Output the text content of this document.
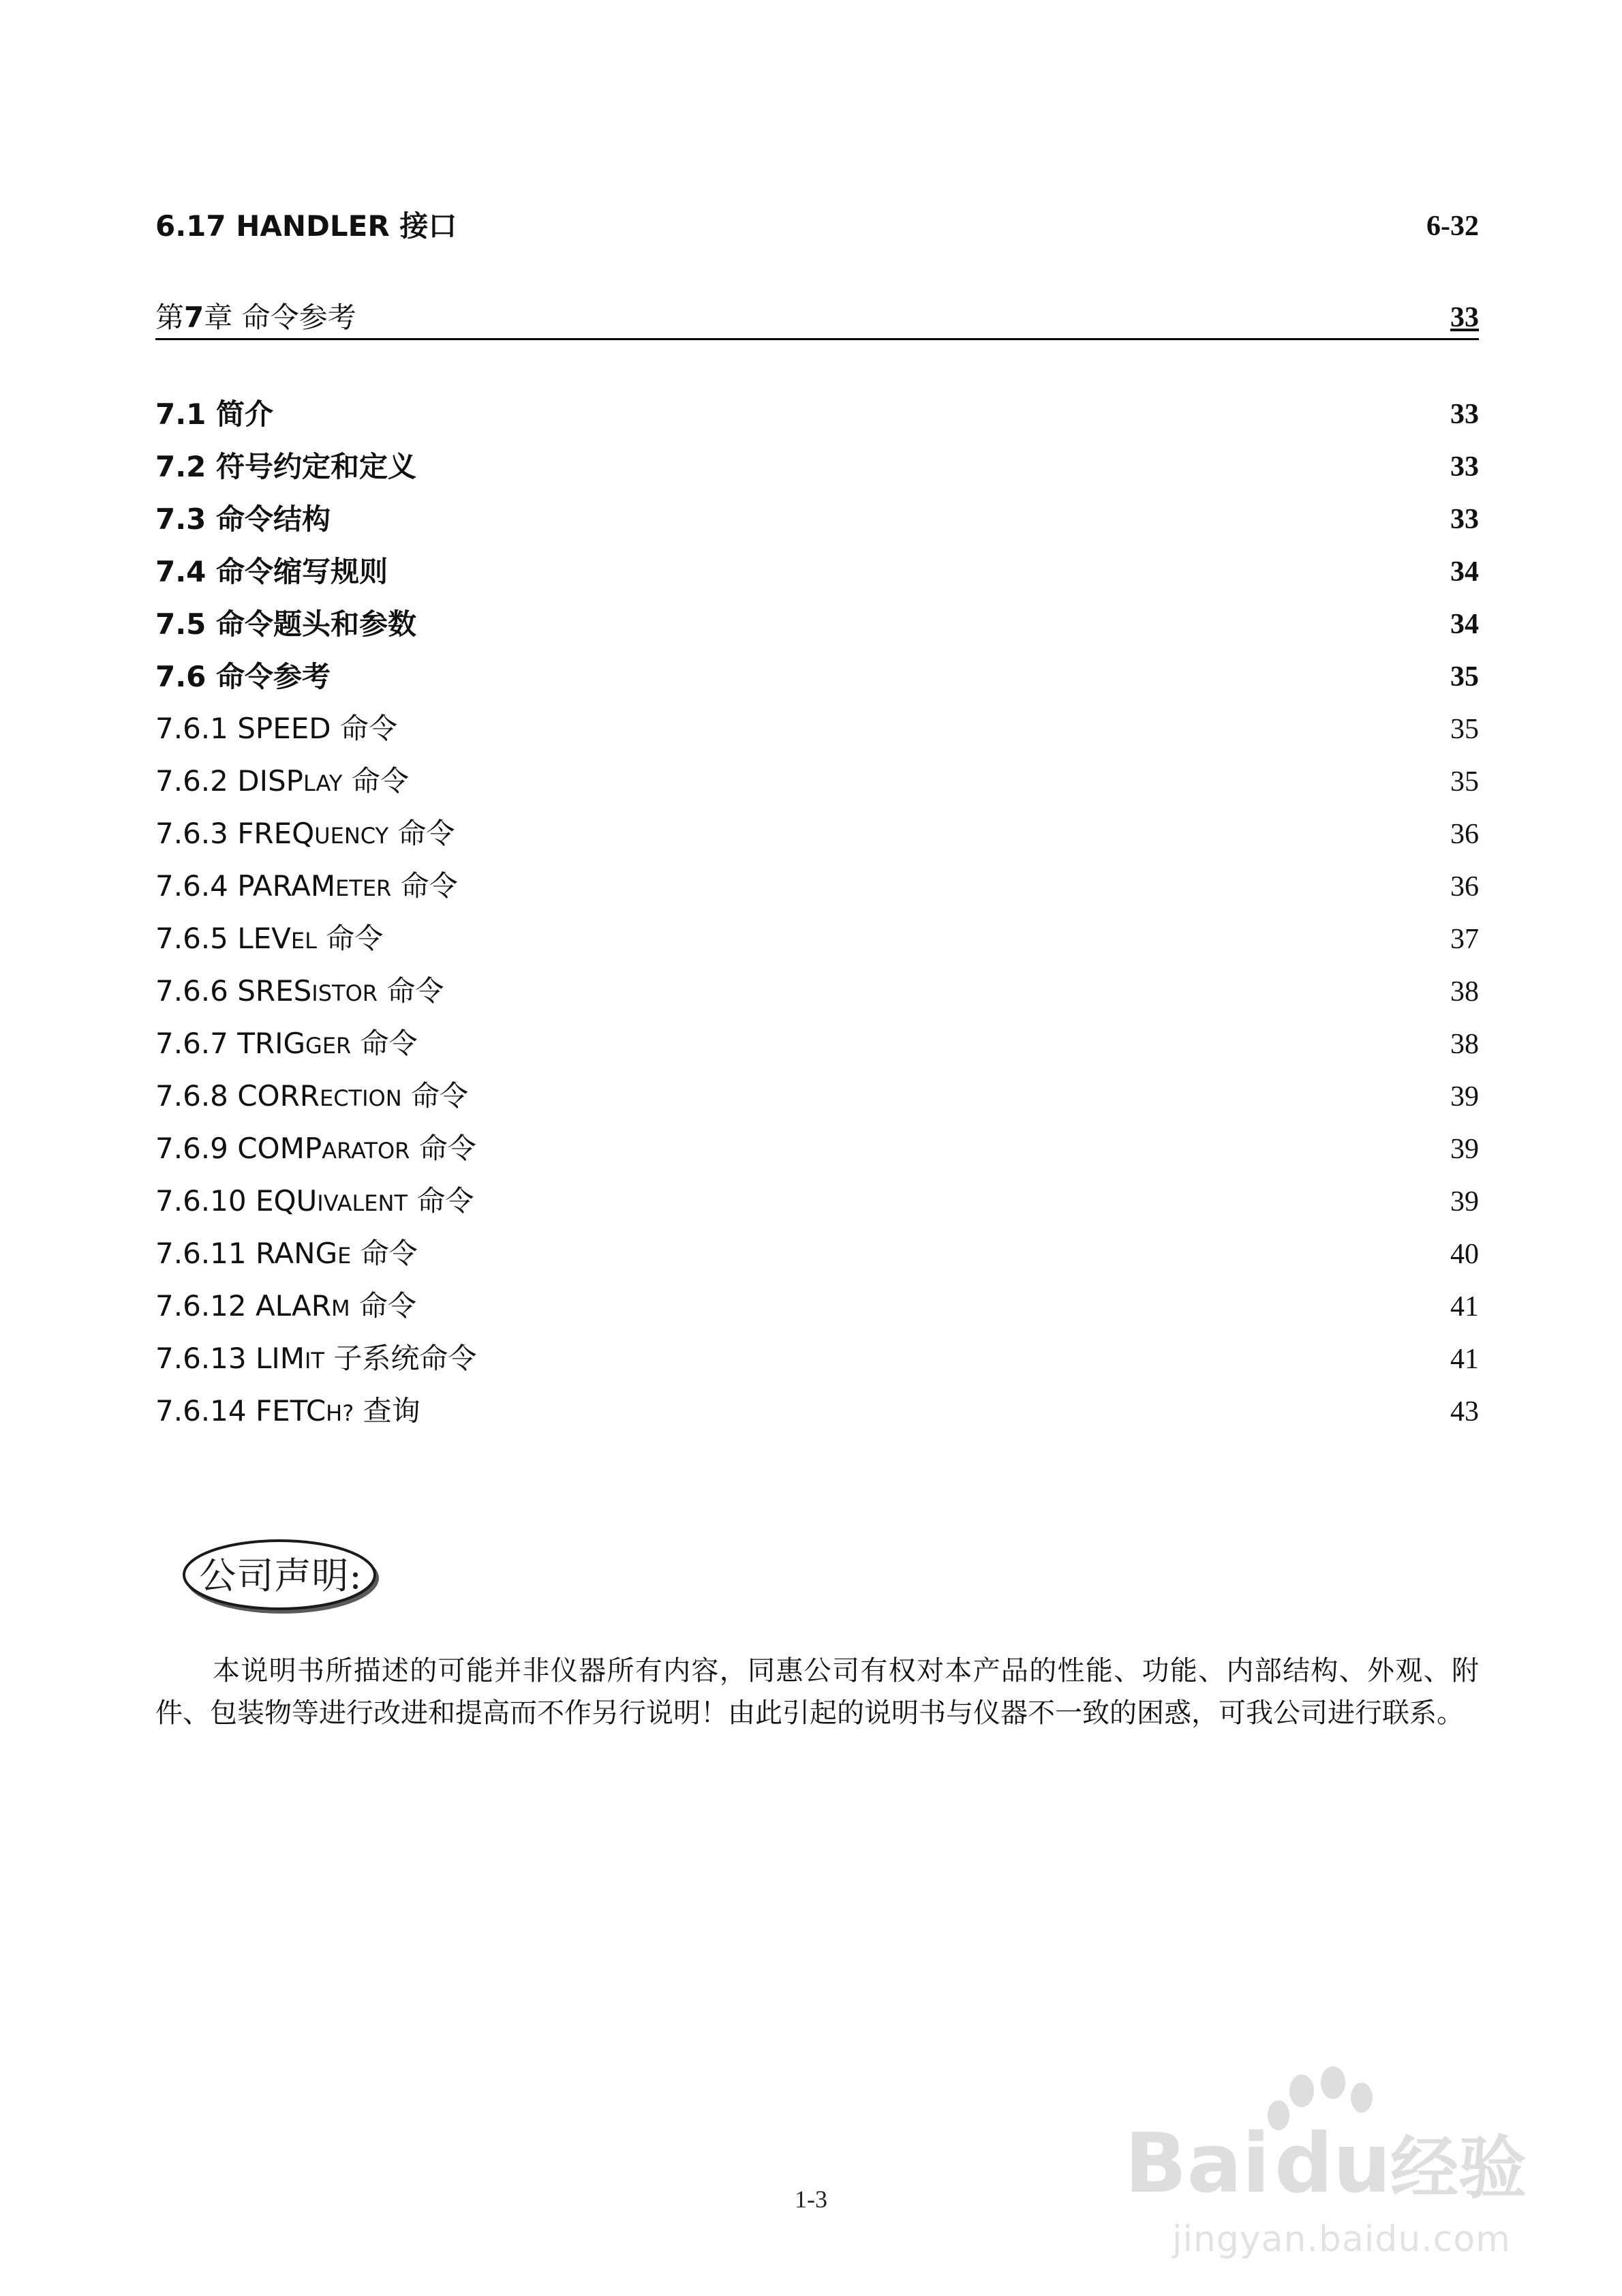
6.17 HANDLER 接口	6-32
第7章 命令参考	33
7.1 简介	33
7.2 符号约定和定义	33
7.3 命令结构	33
7.4 命令缩写规则	34
7.5 命令题头和参数	34
7.6 命令参考	35
7.6.1 SPEED 命令	35
7.6.2 DISPLAY 命令	35
7.6.3 FREQUENCY 命令	36
7.6.4 PARAMETER 命令	36
7.6.5 LEVEL 命令	37
7.6.6 SRESISTOR 命令	38
7.6.7 TRIGGER 命令	38
7.6.8 CORRECTION 命令	39
7.6.9 COMPARATOR 命令	39
7.6.10 EQUIVALENT 命令	39
7.6.11 RANGE 命令	40
7.6.12 ALARM 命令	41
7.6.13 LIMIT 子系统命令	41
7.6.14 FETCH? 查询	43
公司声明:
本说明书所描述的可能并非仪器所有内容，同惠公司有权对本产品的性能、功能、内部结构、外观、附件、包装物等进行改进和提高而不作另行说明！由此引起的说明书与仪器不一致的困惑，可我公司进行联系。
1-3	Bai du
经验
jingyan.baidu.com
